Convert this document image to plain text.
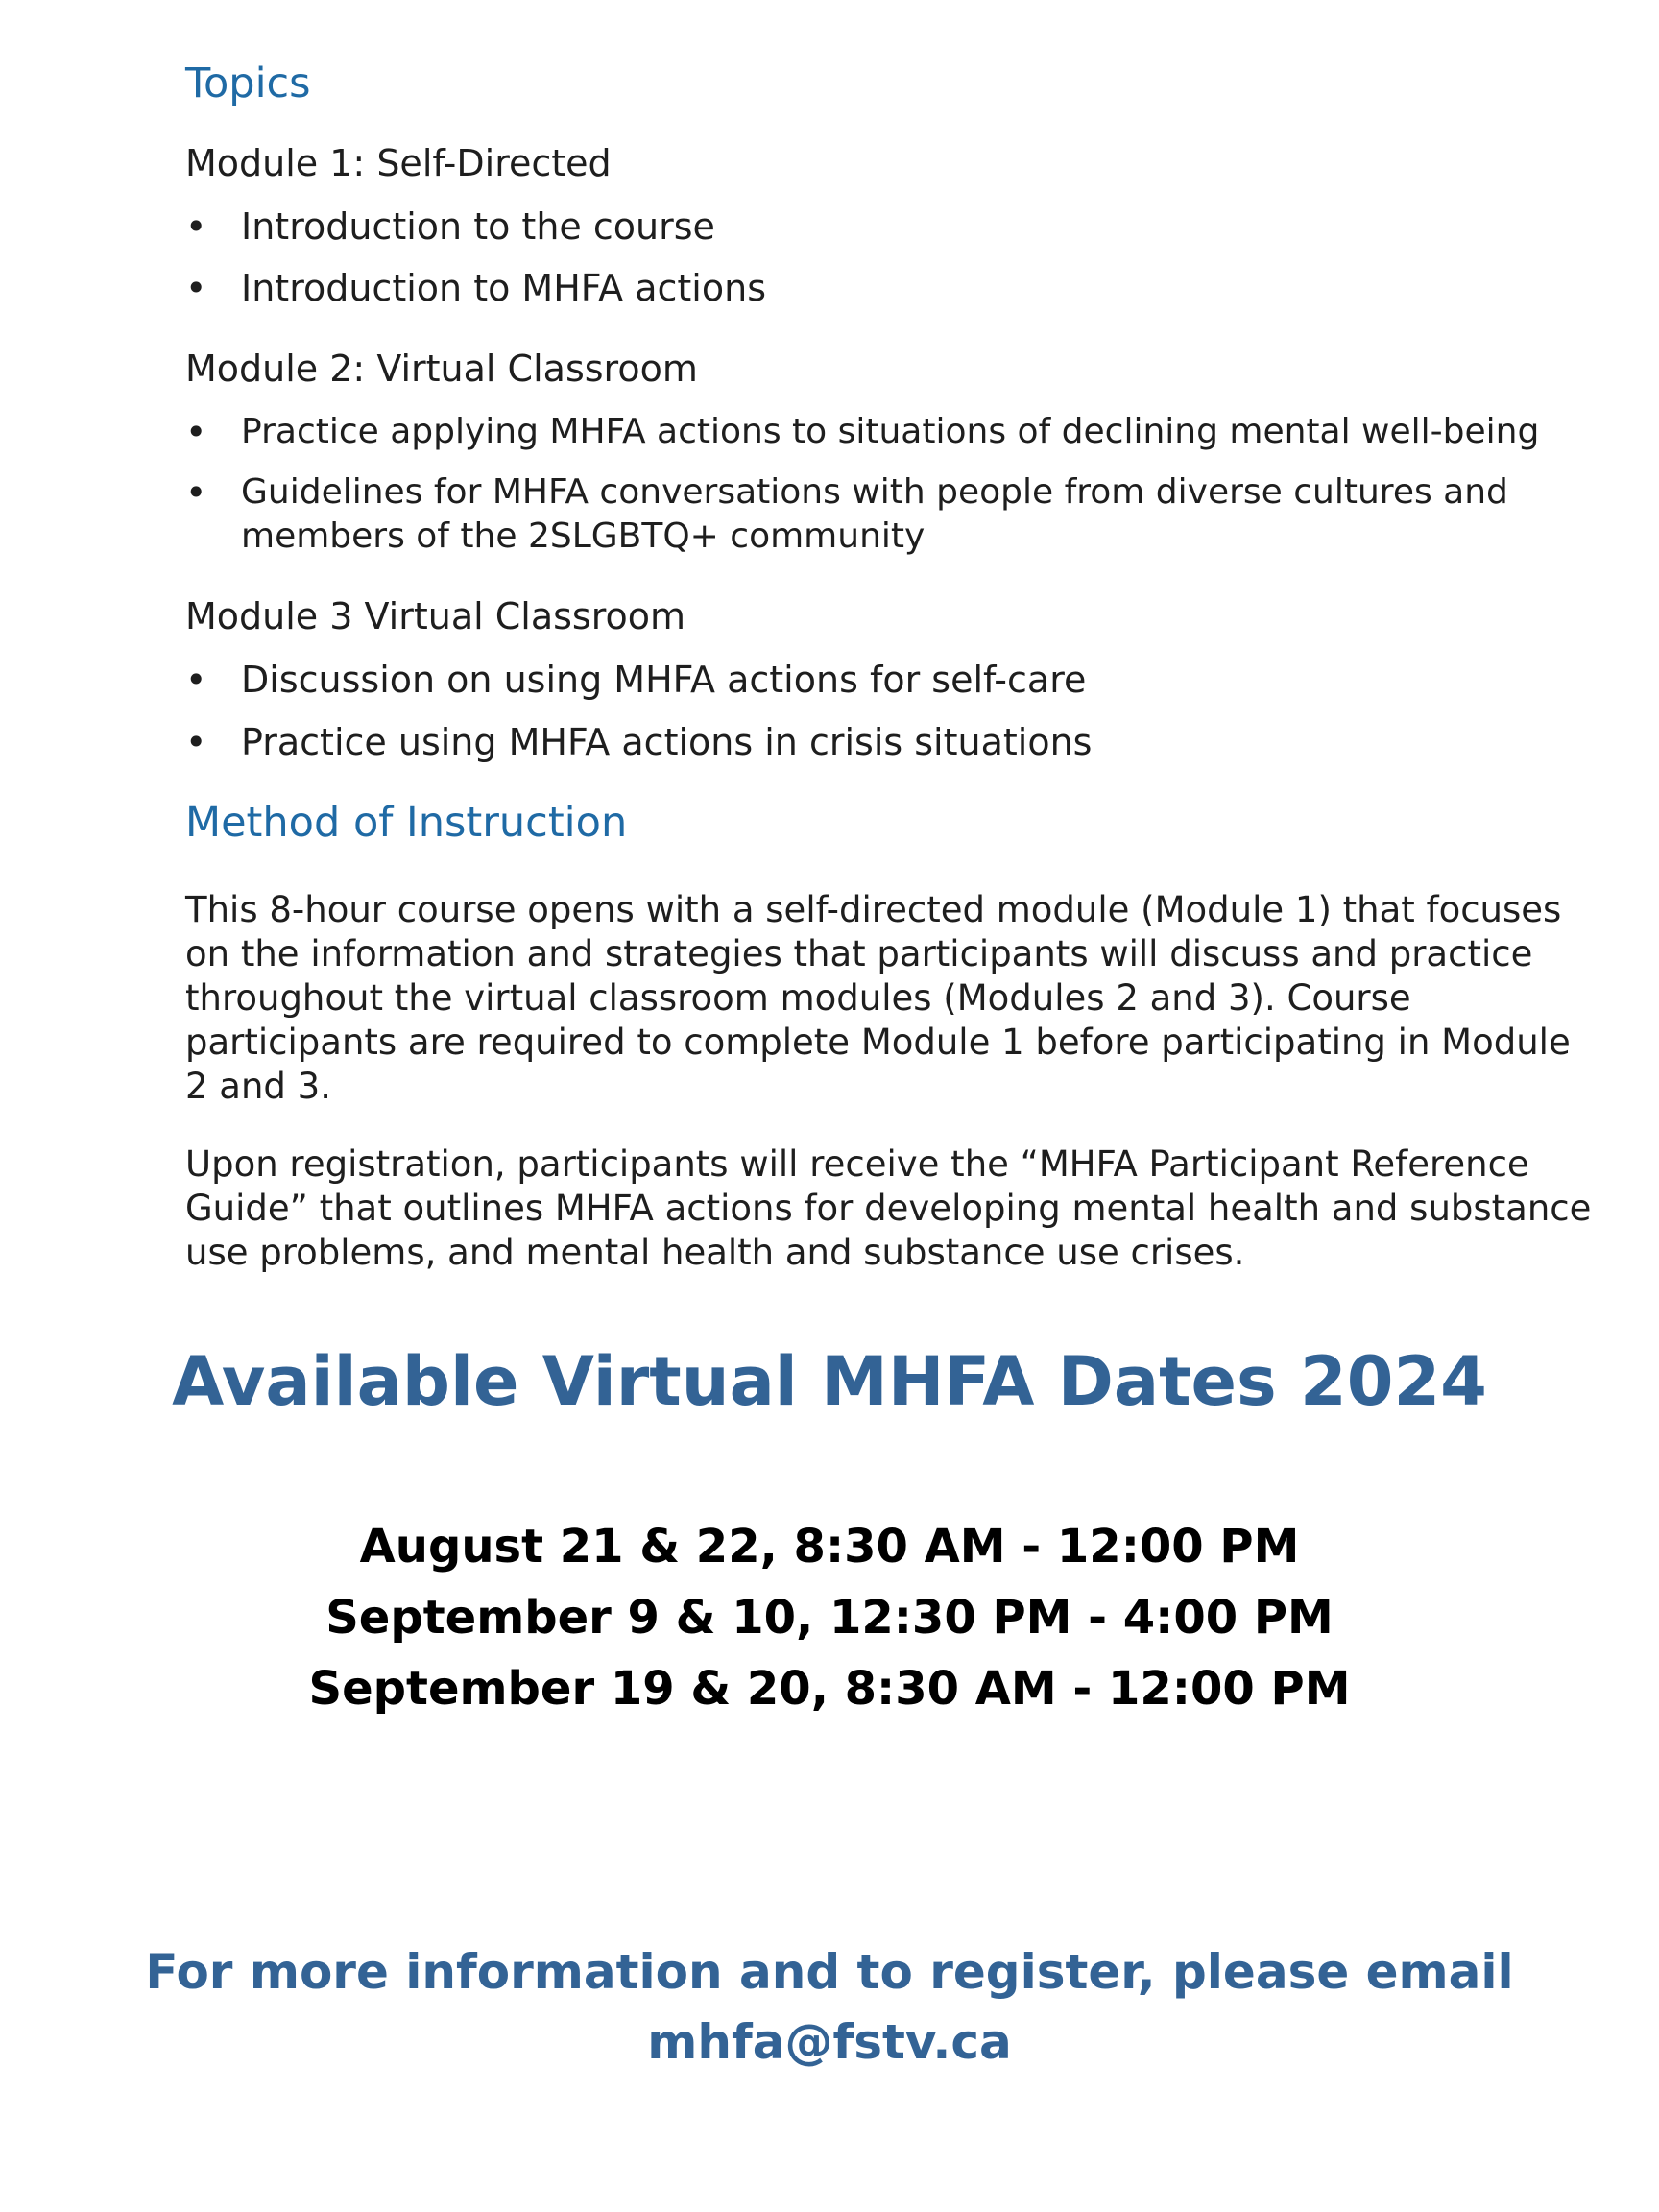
Topics
Module 1: Self-Directed
• Introduction to the course
• Introduction to MHFA actions
Module 2: Virtual Classroom
• Practice applying MHFA actions to situations of declining mental well-being
• Guidelines for MHFA conversations with people from diverse cultures and members of the 2SLGBTQ+ community
Module 3 Virtual Classroom
• Discussion on using MHFA actions for self-care
• Practice using MHFA actions in crisis situations
Method of Instruction
This 8-hour course opens with a self-directed module (Module 1) that focuses on the information and strategies that participants will discuss and practice throughout the virtual classroom modules (Modules 2 and 3). Course participants are required to complete Module 1 before participating in Module 2 and 3.
Upon registration, participants will receive the “MHFA Participant Reference Guide” that outlines MHFA actions for developing mental health and substance use problems, and mental health and substance use crises.
Available Virtual MHFA Dates 2024
August 21 & 22, 8:30 AM - 12:00 PM
September 9 & 10, 12:30 PM - 4:00 PM
September 19 & 20, 8:30 AM - 12:00 PM
For more information and to register, please email
mhfa@fstv.ca
